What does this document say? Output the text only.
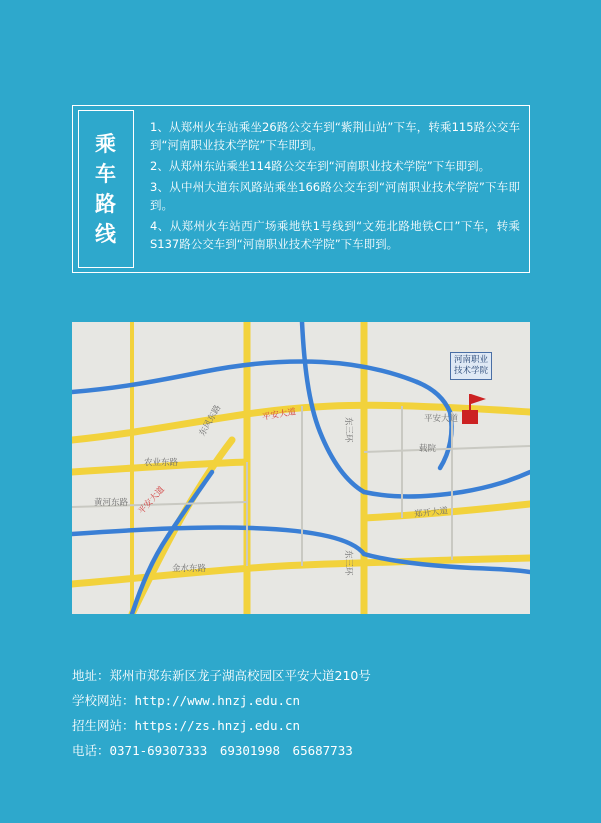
乘
车
路
线
1、从郑州火车站乘坐26路公交车到“紫荆山站”下车，转乘115路公交车到“河南职业技术学院”下车即到。
2、从郑州东站乘坐114路公交车到“河南职业技术学院”下车即到。
3、从中州大道东风路站乘坐166路公交车到“河南职业技术学院”下车即到。
4、从郑州火车站西广场乘地铁1号线到“文苑北路地铁C口”下车，转乘S137路公交车到“河南职业技术学院”下车即到。
河南职业
技术学院
平安大道
载院
东三环
东三环
平安大道
平安大道
东风东路
农业东路
黄河东路
郑开大道
金水东路
地址：郑州市郑东新区龙子湖高校园区平安大道210号
学校网站：http://www.hnzj.edu.cn
招生网站：https://zs.hnzj.edu.cn
电话：0371-69307333　69301998　65687733
